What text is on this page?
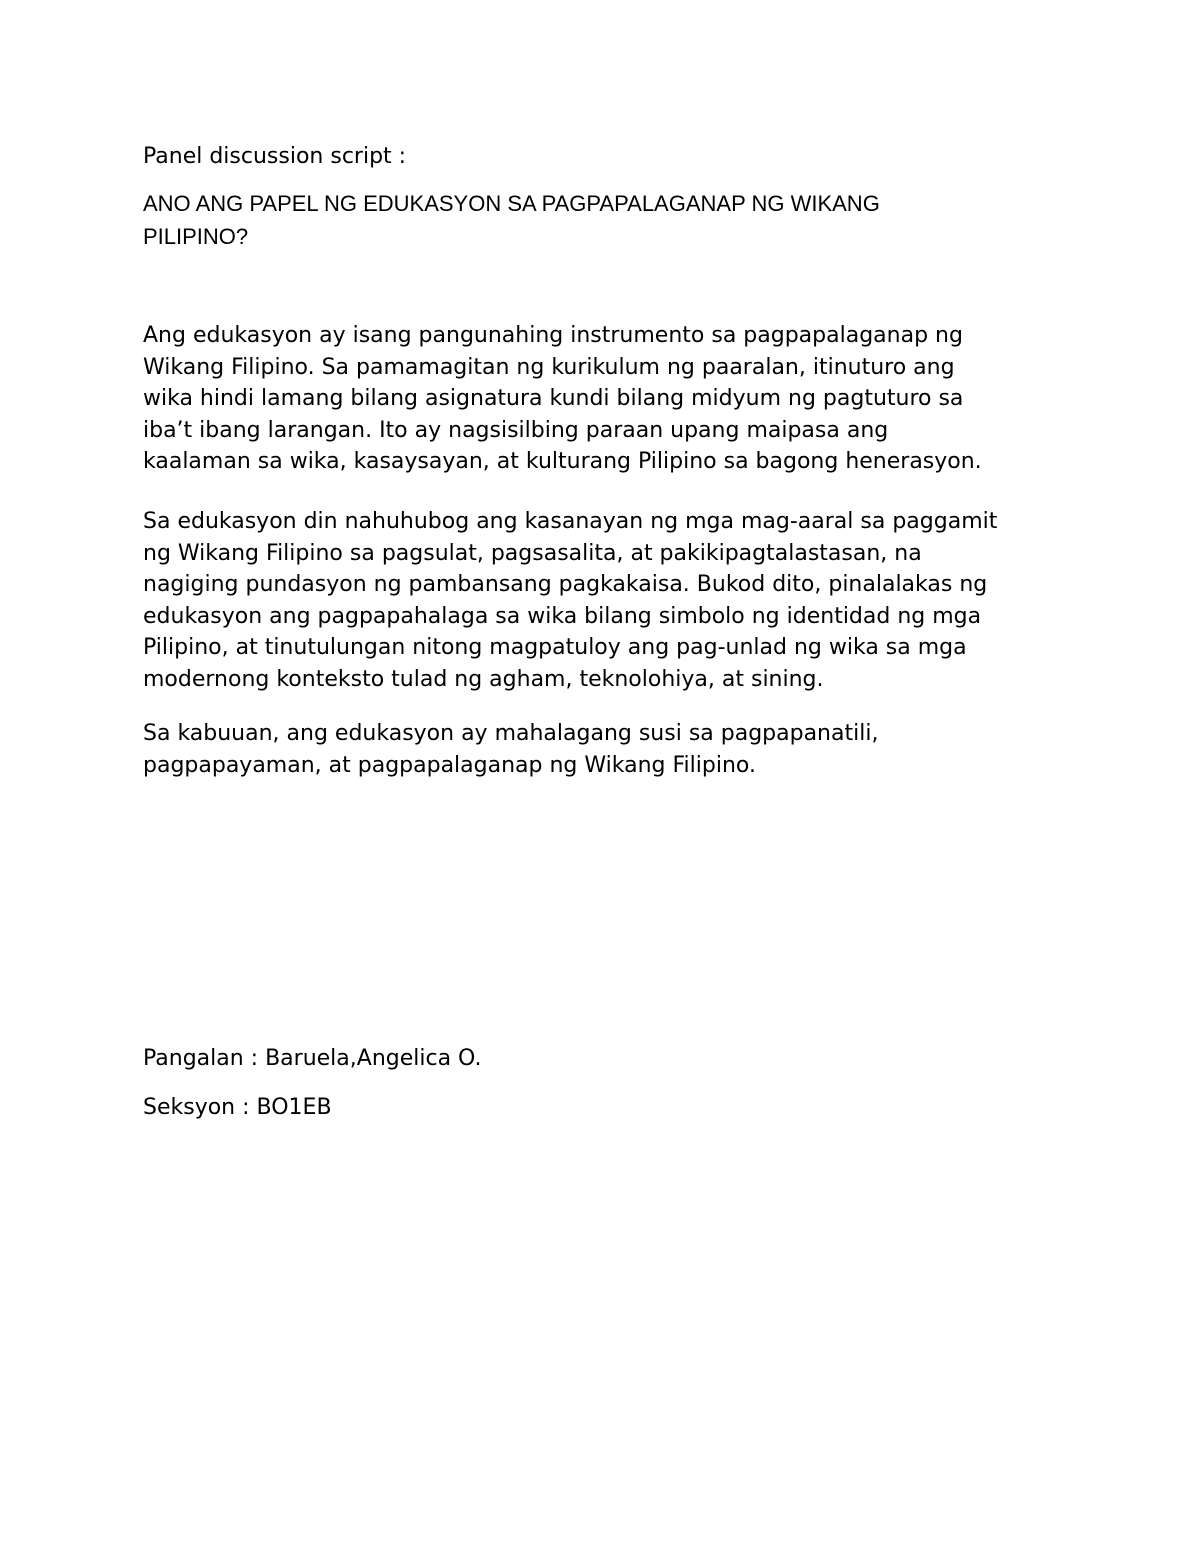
Panel discussion script :

ANO ANG PAPEL NG EDUKASYON SA PAGPAPALAGANAP NG WIKANG
PILIPINO?

Ang edukasyon ay isang pangunahing instrumento sa pagpapalaganap ng
Wikang Filipino. Sa pamamagitan ng kurikulum ng paaralan, itinuturo ang
wika hindi lamang bilang asignatura kundi bilang midyum ng pagtuturo sa
iba’t ibang larangan. Ito ay nagsisilbing paraan upang maipasa ang
kaalaman sa wika, kasaysayan, at kulturang Pilipino sa bagong henerasyon.

Sa edukasyon din nahuhubog ang kasanayan ng mga mag-aaral sa paggamit
ng Wikang Filipino sa pagsulat, pagsasalita, at pakikipagtalastasan, na
nagiging pundasyon ng pambansang pagkakaisa. Bukod dito, pinalalakas ng
edukasyon ang pagpapahalaga sa wika bilang simbolo ng identidad ng mga
Pilipino, at tinutulungan nitong magpatuloy ang pag-unlad ng wika sa mga
modernong konteksto tulad ng agham, teknolohiya, at sining.

Sa kabuuan, ang edukasyon ay mahalagang susi sa pagpapanatili,
pagpapayaman, at pagpapalaganap ng Wikang Filipino.

Pangalan : Baruela,Angelica O.

Seksyon : BO1EB
